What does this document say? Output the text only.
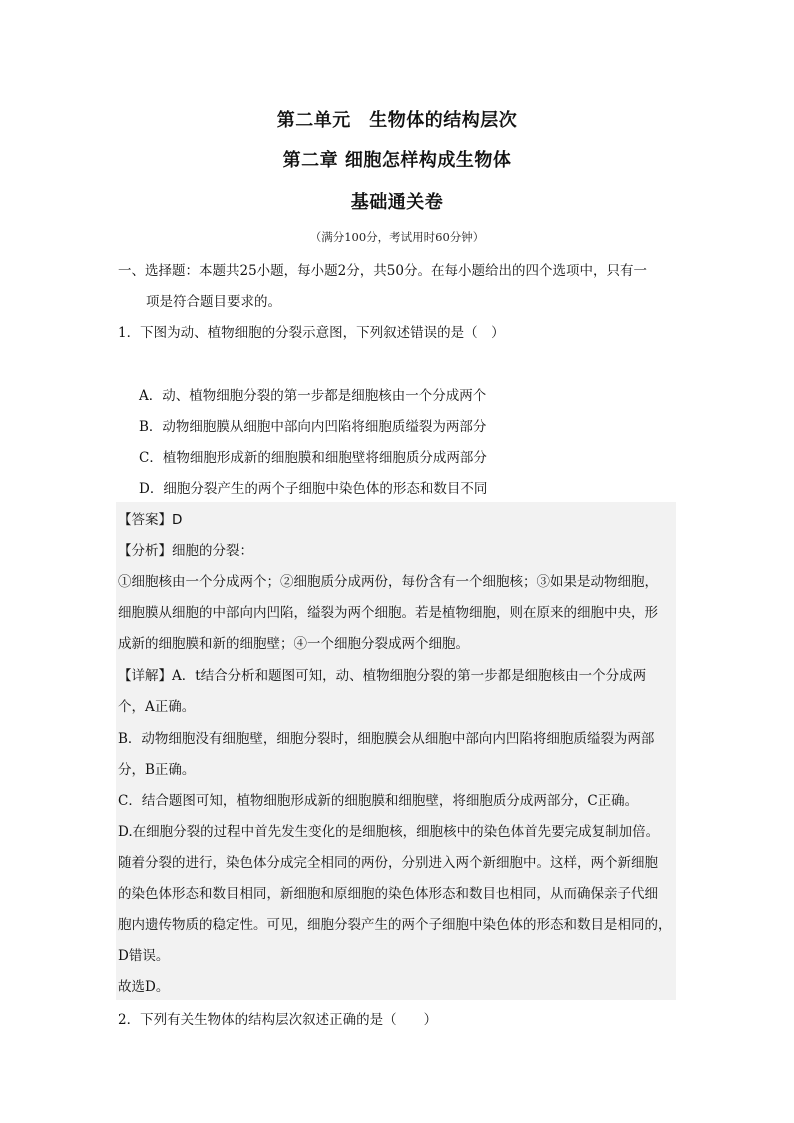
第二单元　生物体的结构层次
第二章 细胞怎样构成生物体
基础通关卷
（满分100分，考试用时60分钟）
一、选择题：本题共25小题，每小题2分，共50分。在每小题给出的四个选项中，只有一
项是符合题目要求的。
1．下图为动、植物细胞的分裂示意图，下列叙述错误的是（　）
A．动、植物细胞分裂的第一步都是细胞核由一个分成两个
B．动物细胞膜从细胞中部向内凹陷将细胞质缢裂为两部分
C．植物细胞形成新的细胞膜和细胞壁将细胞质分成两部分
D．细胞分裂产生的两个子细胞中染色体的形态和数目不同
【答案】D
【分析】细胞的分裂：
①细胞核由一个分成两个；②细胞质分成两份，每份含有一个细胞核；③如果是动物细胞，
细胞膜从细胞的中部向内凹陷，缢裂为两个细胞。若是植物细胞，则在原来的细胞中央，形
成新的细胞膜和新的细胞壁；④一个细胞分裂成两个细胞。
【详解】A．t结合分析和题图可知，动、植物细胞分裂的第一步都是细胞核由一个分成两
个，A正确。
B．动物细胞没有细胞壁，细胞分裂时，细胞膜会从细胞中部向内凹陷将细胞质缢裂为两部
分，B正确。
C．结合题图可知，植物细胞形成新的细胞膜和细胞壁，将细胞质分成两部分，C正确。
D.在细胞分裂的过程中首先发生变化的是细胞核，细胞核中的染色体首先要完成复制加倍。
随着分裂的进行，染色体分成完全相同的两份，分别进入两个新细胞中。这样，两个新细胞
的染色体形态和数目相同，新细胞和原细胞的染色体形态和数目也相同，从而确保亲子代细
胞内遗传物质的稳定性。可见，细胞分裂产生的两个子细胞中染色体的形态和数目是相同的，
D错误。
故选D。
2．下列有关生物体的结构层次叙述正确的是（　　）
